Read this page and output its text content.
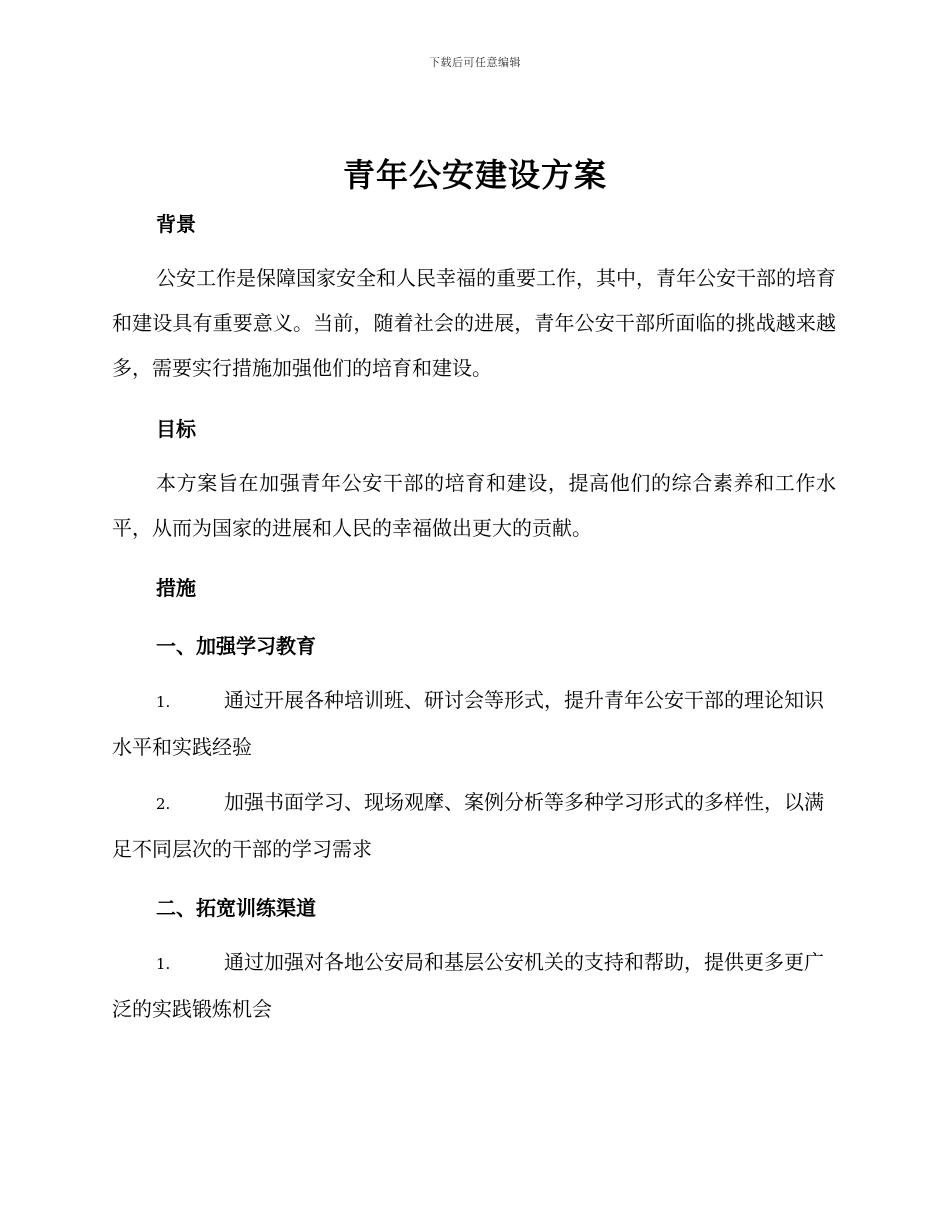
下载后可任意编辑
青年公安建设方案
背景
公安工作是保障国家安全和人民幸福的重要工作，其中，青年公安干部的培育和建设具有重要意义。当前，随着社会的进展，青年公安干部所面临的挑战越来越多，需要实行措施加强他们的培育和建设。
目标
本方案旨在加强青年公安干部的培育和建设，提高他们的综合素养和工作水平，从而为国家的进展和人民的幸福做出更大的贡献。
措施
一、加强学习教育
1.	通过开展各种培训班、研讨会等形式，提升青年公安干部的理论知识水平和实践经验
2.	加强书面学习、现场观摩、案例分析等多种学习形式的多样性，以满足不同层次的干部的学习需求
二、拓宽训练渠道
1.	通过加强对各地公安局和基层公安机关的支持和帮助，提供更多更广泛的实践锻炼机会
